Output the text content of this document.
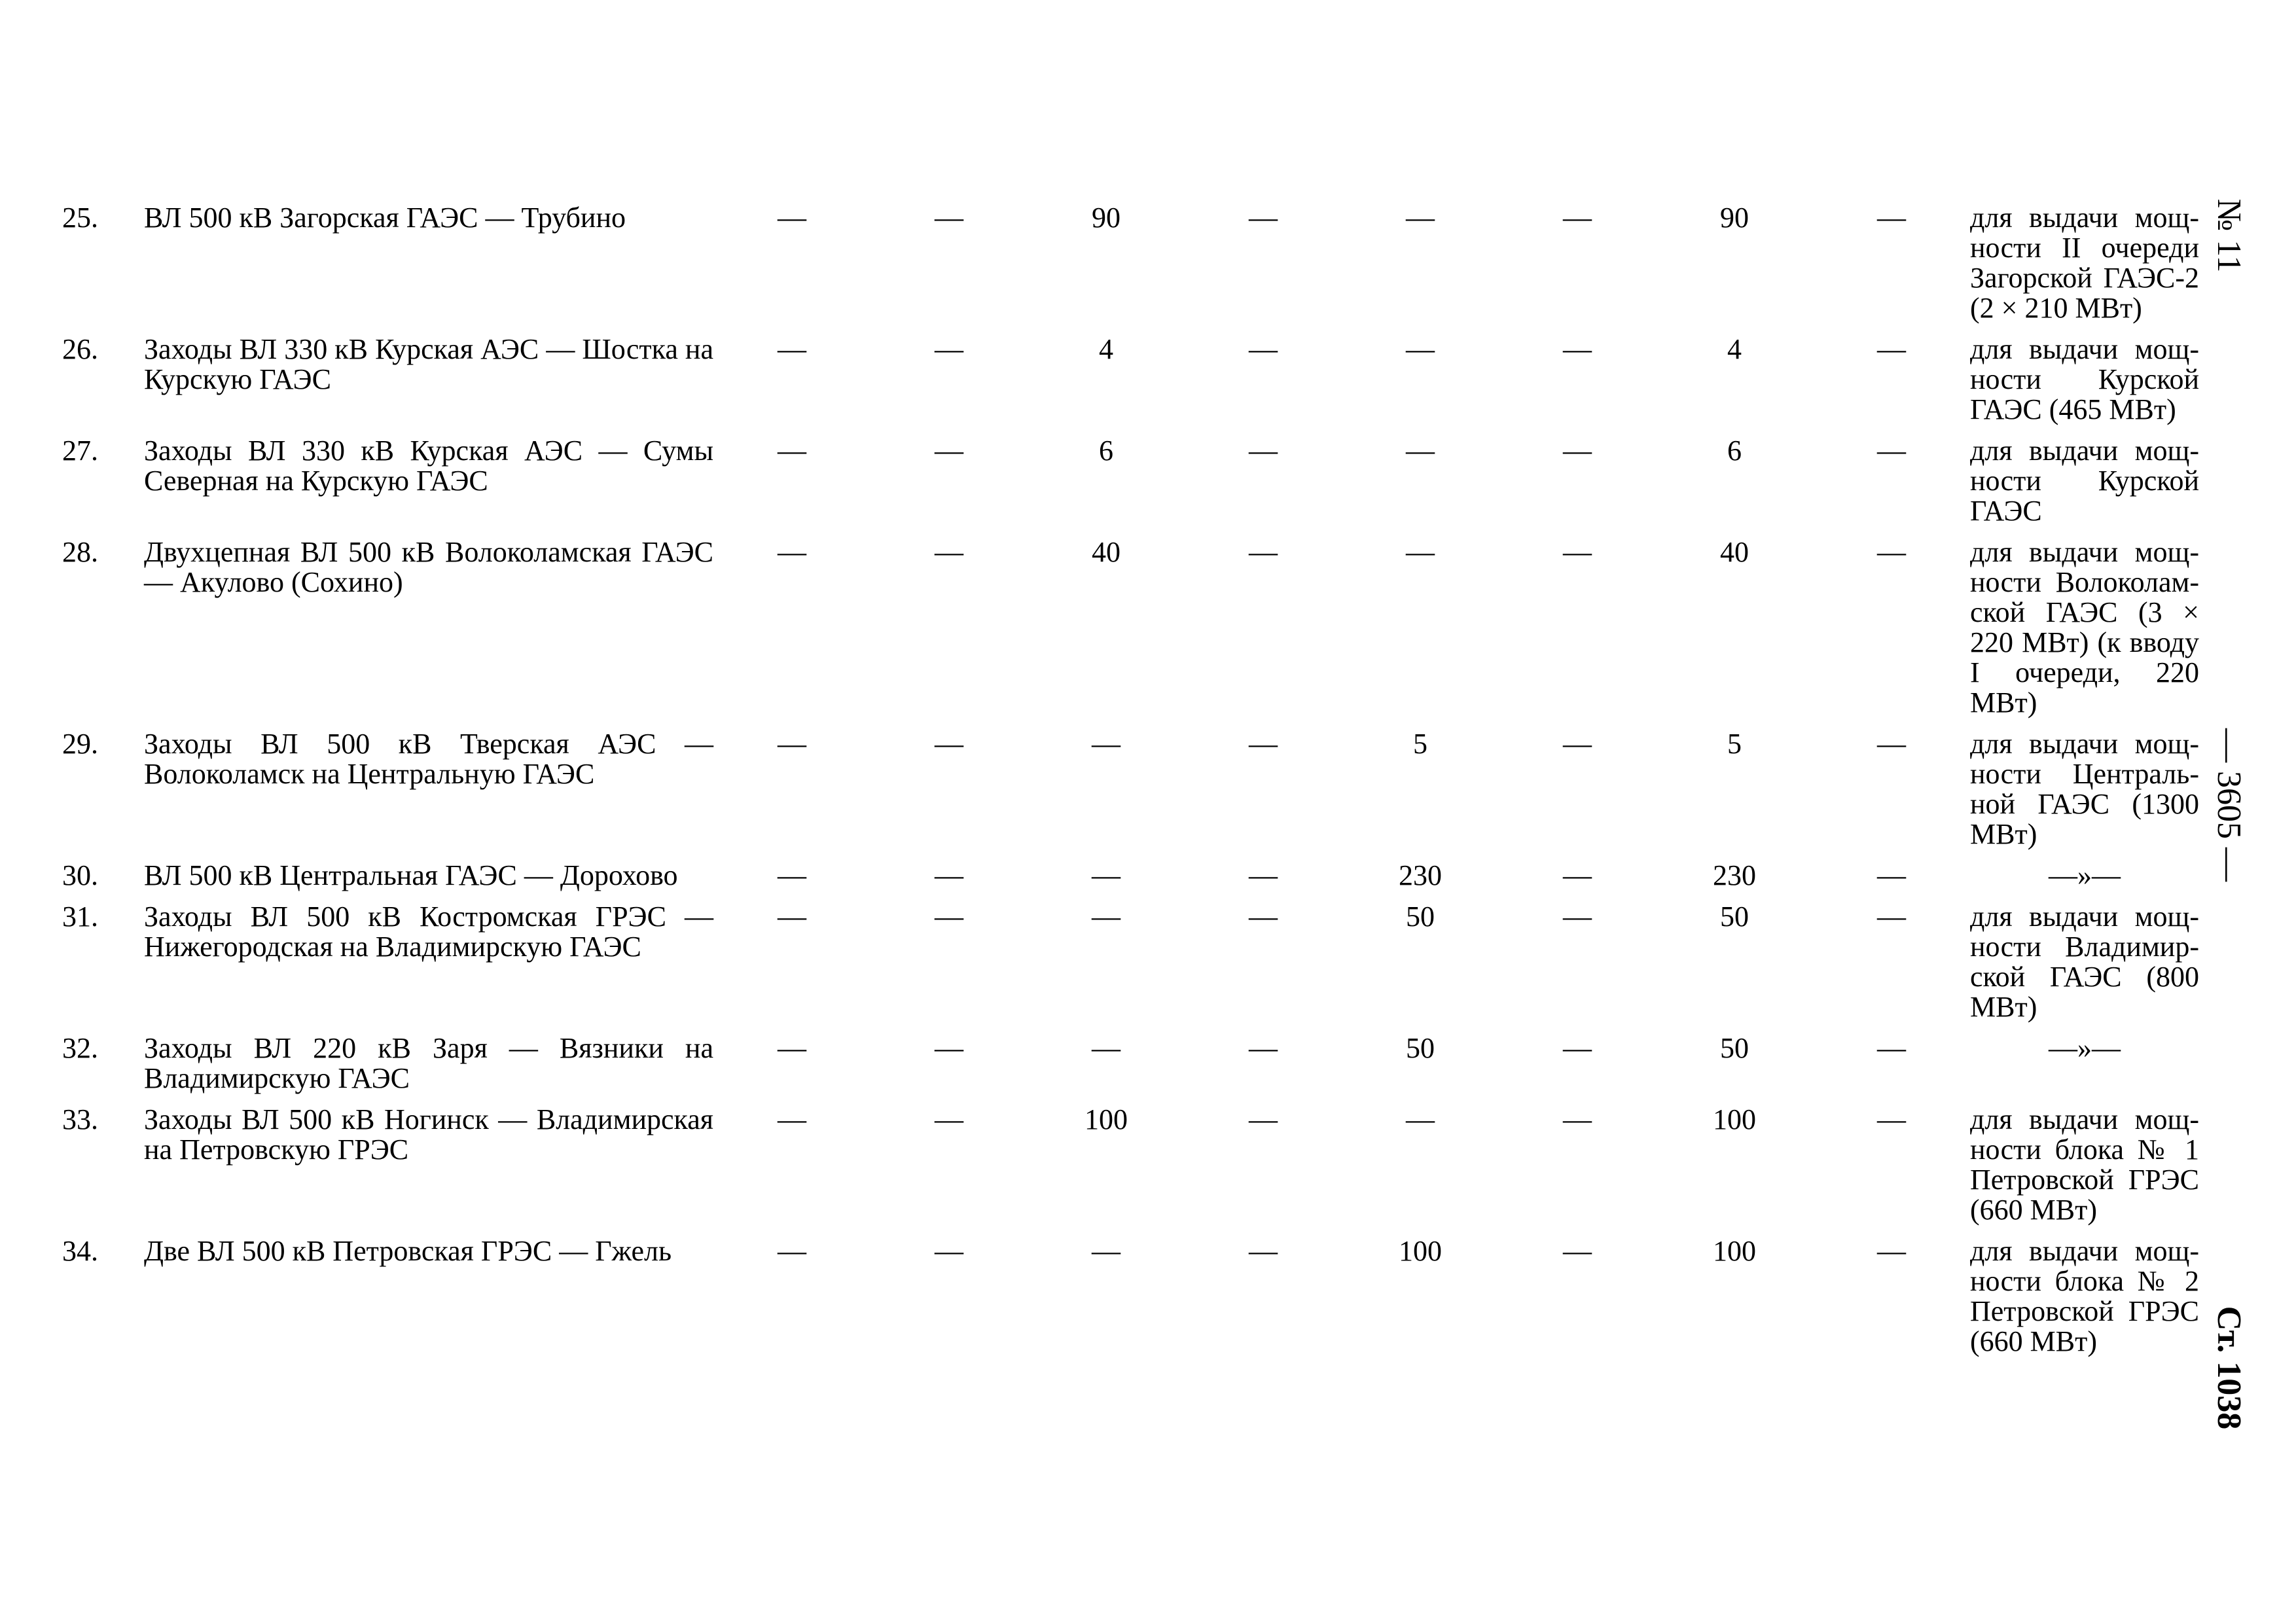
25.	ВЛ 500 кВ Загорская ГАЭС — Трубино	—	—	90	—	—	—	90	—	для выдачи мощности II очереди Загорской ГАЭС-2 (2 × 210 МВт)
26.	Заходы ВЛ 330 кВ Курская АЭС — Шостка на Курскую ГАЭС	—	—	4	—	—	—	4	—	для выдачи мощности Курской ГАЭС (465 МВт)
27.	Заходы ВЛ 330 кВ Курская АЭС — Сумы Северная на Курскую ГАЭС	—	—	6	—	—	—	6	—	для выдачи мощности Курской ГАЭС
28.	Двухцепная ВЛ 500 кВ Волоколамская ГАЭС — Акулово (Сохино)	—	—	40	—	—	—	40	—	для выдачи мощности Волоколамской ГАЭС (3 × 220 МВт) (к вводу I очереди, 220 МВт)
29.	Заходы ВЛ 500 кВ Тверская АЭС — Волоколамск на Центральную ГАЭС	—	—	—	—	5	—	5	—	для выдачи мощности Центральной ГАЭС (1300 МВт)
30.	ВЛ 500 кВ Центральная ГАЭС — Дорохово	—	—	—	—	230	—	230	—	—»—
31.	Заходы ВЛ 500 кВ Костромская ГРЭС — Нижегородская на Владимирскую ГАЭС	—	—	—	—	50	—	50	—	для выдачи мощности Владимирской ГАЭС (800 МВт)
32.	Заходы ВЛ 220 кВ Заря — Вязники на Владимирскую ГАЭС	—	—	—	—	50	—	50	—	—»—
33.	Заходы ВЛ 500 кВ Ногинск — Владимирская на Петровскую ГРЭС	—	—	100	—	—	—	100	—	для выдачи мощности блока № 1 Петровской ГРЭС (660 МВт)
34.	Две ВЛ 500 кВ Петровская ГРЭС — Гжель	—	—	—	—	100	—	100	—	для выдачи мощности блока № 2 Петровской ГРЭС (660 МВт)
№ 11
— 3605 —
Ст. 1038
